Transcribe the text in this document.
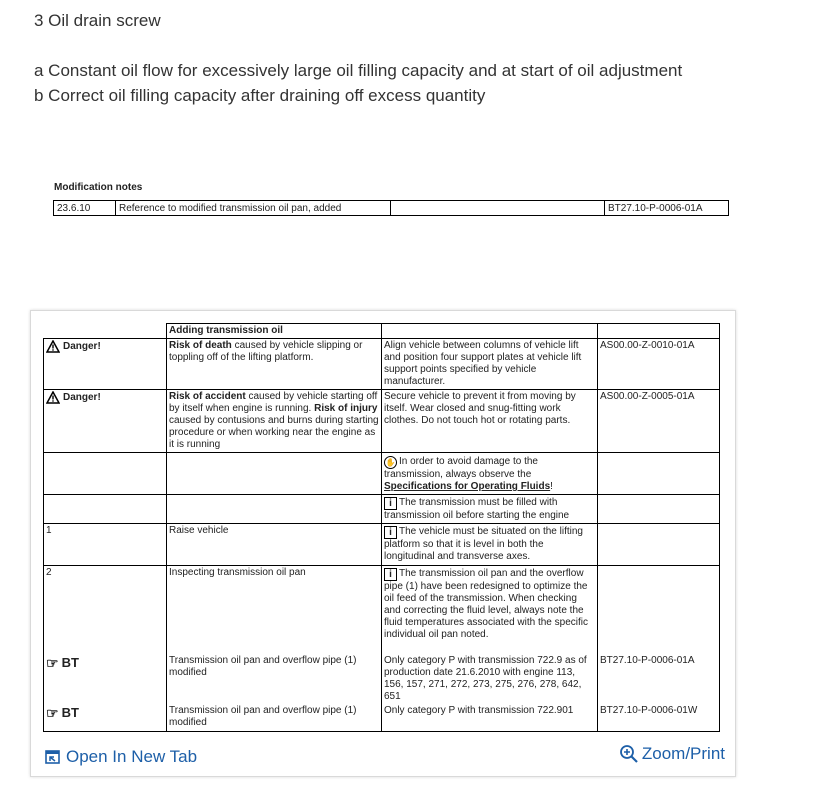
3 Oil drain screw

a Constant oil flow for excessively large oil filling capacity and at start of oil adjustment

b Correct oil filling capacity after draining off excess quantity

Modification notes
23.6.10	Reference to modified transmission oil pan, added		BT27.10-P-0006-01A
	Adding transmission oil		

Danger!	Risk of death caused by vehicle slipping or toppling off of the lifting platform.	Align vehicle between columns of vehicle lift and position four support plates at vehicle lift support points specified by vehicle manufacturer.	AS00.00-Z-0010-01A

Danger!	Risk of accident caused by vehicle starting off by itself when engine is running. Risk of injury caused by contusions and burns during starting procedure or when working near the engine as it is running	Secure vehicle to prevent it from moving by itself. Wear closed and snug-fitting work clothes. Do not touch hot or rotating parts.	AS00.00-Z-0005-01A
		✋ In order to avoid damage to the transmission, always observe the Specifications for Operating Fluids!	
		i The transmission must be filled with transmission oil before starting the engine	
1	Raise vehicle	i The vehicle must be situated on the lifting platform so that it is level in both the longitudinal and transverse axes.	
2	Inspecting transmission oil pan	i The transmission oil pan and the overflow pipe (1) have been redesigned to optimize the oil feed of the transmission. When checking and correcting the fluid level, always note the fluid temperatures associated with the specific individual oil pan noted.	

☞ BT	Transmission oil pan and overflow pipe (1) modified	Only category P with transmission 722.9 as of production date 21.6.2010 with engine 113, 156, 157, 271, 272, 273, 275, 276, 278, 642, 651	BT27.10-P-0006-01A

☞ BT	Transmission oil pan and overflow pipe (1) modified	Only category P with transmission 722.901	BT27.10-P-0006-01W
Open In New Tab	Zoom/Print
